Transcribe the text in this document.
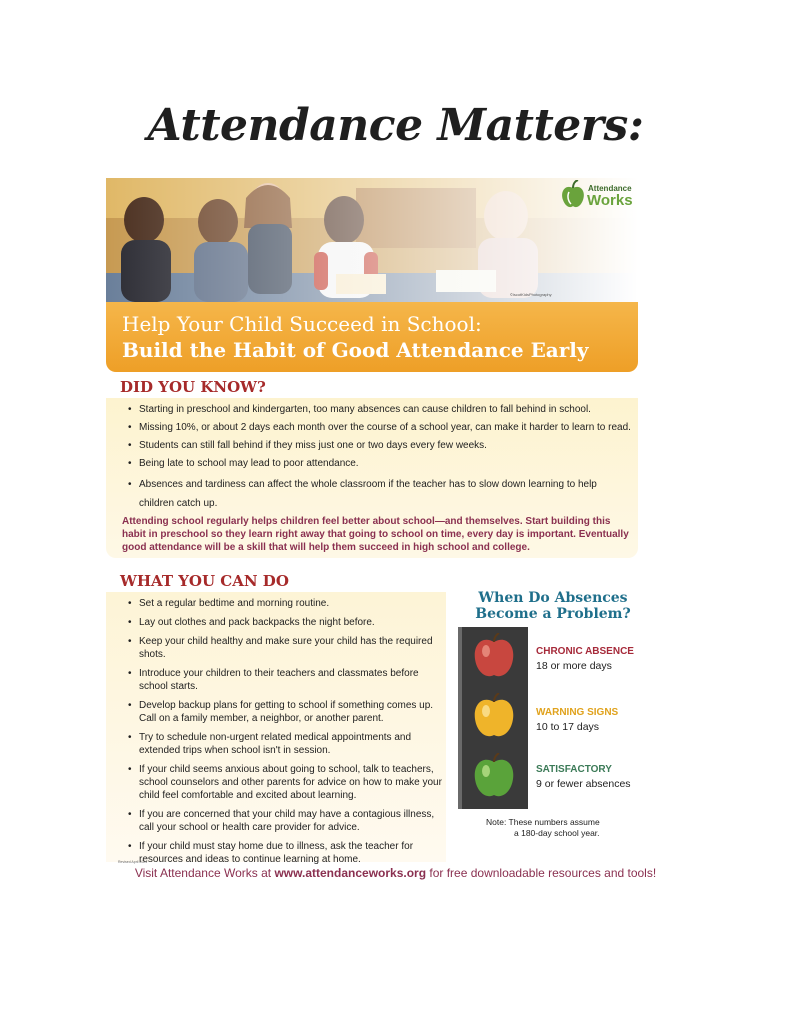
Attendance Matters:
©iscotKidsPhotography
Attendance
Works
Help Your Child Succeed in School:
Build the Habit of Good Attendance Early
DID YOU KNOW?
• Starting in preschool and kindergarten, too many absences can cause children to fall behind in school.
• Missing 10%, or about 2 days each month over the course of a school year, can make it harder to learn to read.
• Students can still fall behind if they miss just one or two days every few weeks.
• Being late to school may lead to poor attendance.
• Absences and tardiness can affect the whole classroom if the teacher has to slow down learning to help children catch up.
Attending school regularly helps children feel better about school—and themselves. Start building this habit in preschool so they learn right away that going to school on time, every day is important. Eventually good attendance will be a skill that will help them succeed in high school and college.
WHAT YOU CAN DO
• Set a regular bedtime and morning routine.
• Lay out clothes and pack backpacks the night before.
• Keep your child healthy and make sure your child has the required shots.
• Introduce your children to their teachers and classmates before school starts.
• Develop backup plans for getting to school if something comes up. Call on a family member, a neighbor, or another parent.
• Try to schedule non-urgent related medical appointments and extended trips when school isn't in session.
• If your child seems anxious about going to school, talk to teachers, school counselors and other parents for advice on how to make your child feel comfortable and excited about learning.
• If you are concerned that your child may have a contagious illness, call your school or health care provider for advice.
• If your child must stay home due to illness, ask the teacher for resources and ideas to continue learning at home.
When Do Absences
Become a Problem?
CHRONIC ABSENCE
18 or more days
WARNING SIGNS
10 to 17 days
SATISFACTORY
9 or fewer absences
Note: These numbers assume
a 180-day school year.
Revised April 2024
Visit Attendance Works at www.attendanceworks.org for free downloadable resources and tools!
